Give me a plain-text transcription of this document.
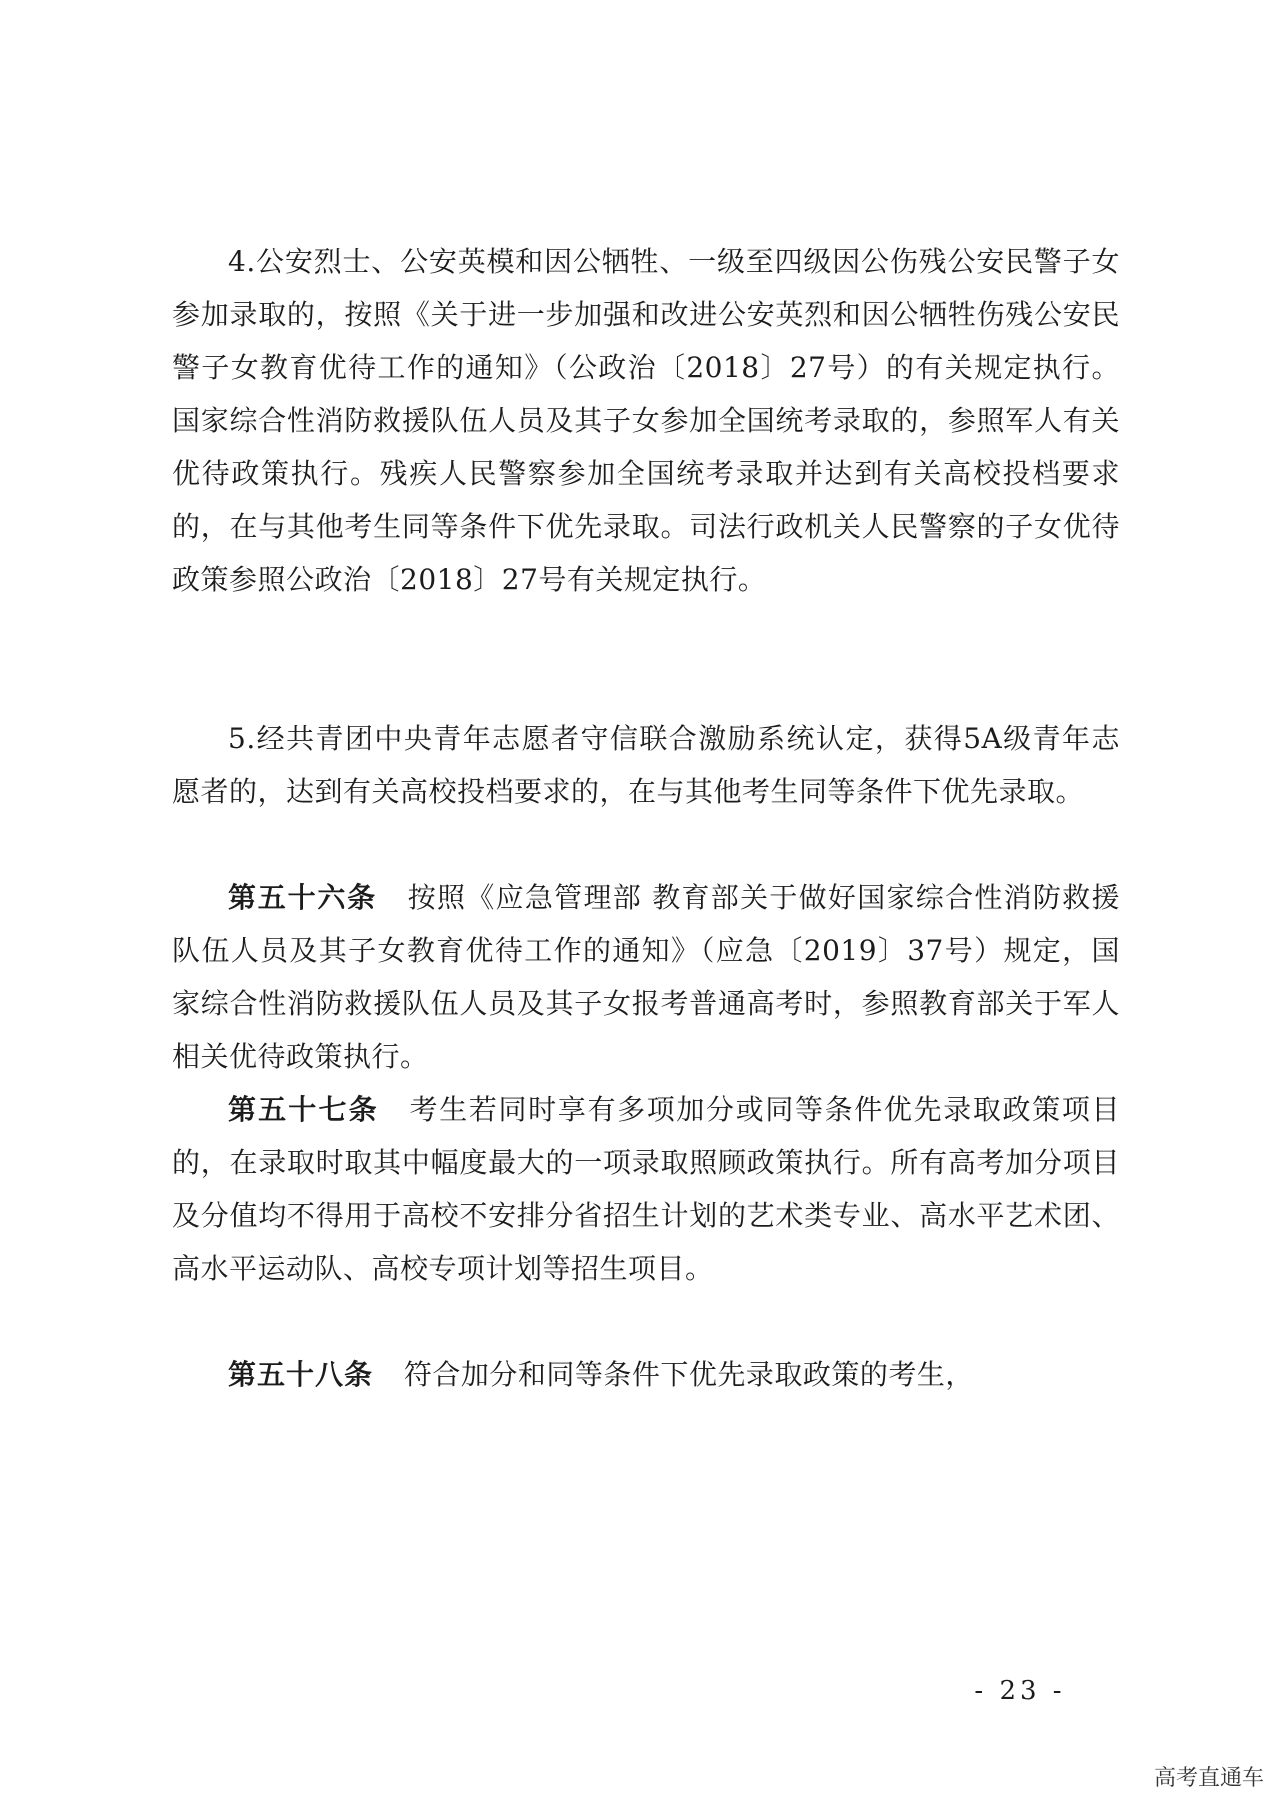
4.公安烈士、公安英模和因公牺牲、一级至四级因公伤残公安民警子女参加录取的，按照《关于进一步加强和改进公安英烈和因公牺牲伤残公安民警子女教育优待工作的通知》（公政治〔2018〕27号）的有关规定执行。国家综合性消防救援队伍人员及其子女参加全国统考录取的，参照军人有关优待政策执行。残疾人民警察参加全国统考录取并达到有关高校投档要求的，在与其他考生同等条件下优先录取。司法行政机关人民警察的子女优待政策参照公政治〔2018〕27号有关规定执行。

5.经共青团中央青年志愿者守信联合激励系统认定，获得5A级青年志愿者的，达到有关高校投档要求的，在与其他考生同等条件下优先录取。

第五十六条 按照《应急管理部 教育部关于做好国家综合性消防救援队伍人员及其子女教育优待工作的通知》（应急〔2019〕37号）规定，国家综合性消防救援队伍人员及其子女报考普通高考时，参照教育部关于军人相关优待政策执行。

第五十七条 考生若同时享有多项加分或同等条件优先录取政策项目的，在录取时取其中幅度最大的一项录取照顾政策执行。所有高考加分项目及分值均不得用于高校不安排分省招生计划的艺术类专业、高水平艺术团、高水平运动队、高校专项计划等招生项目。

第五十八条 符合加分和同等条件下优先录取政策的考生，

- 23 -
高考直通车
